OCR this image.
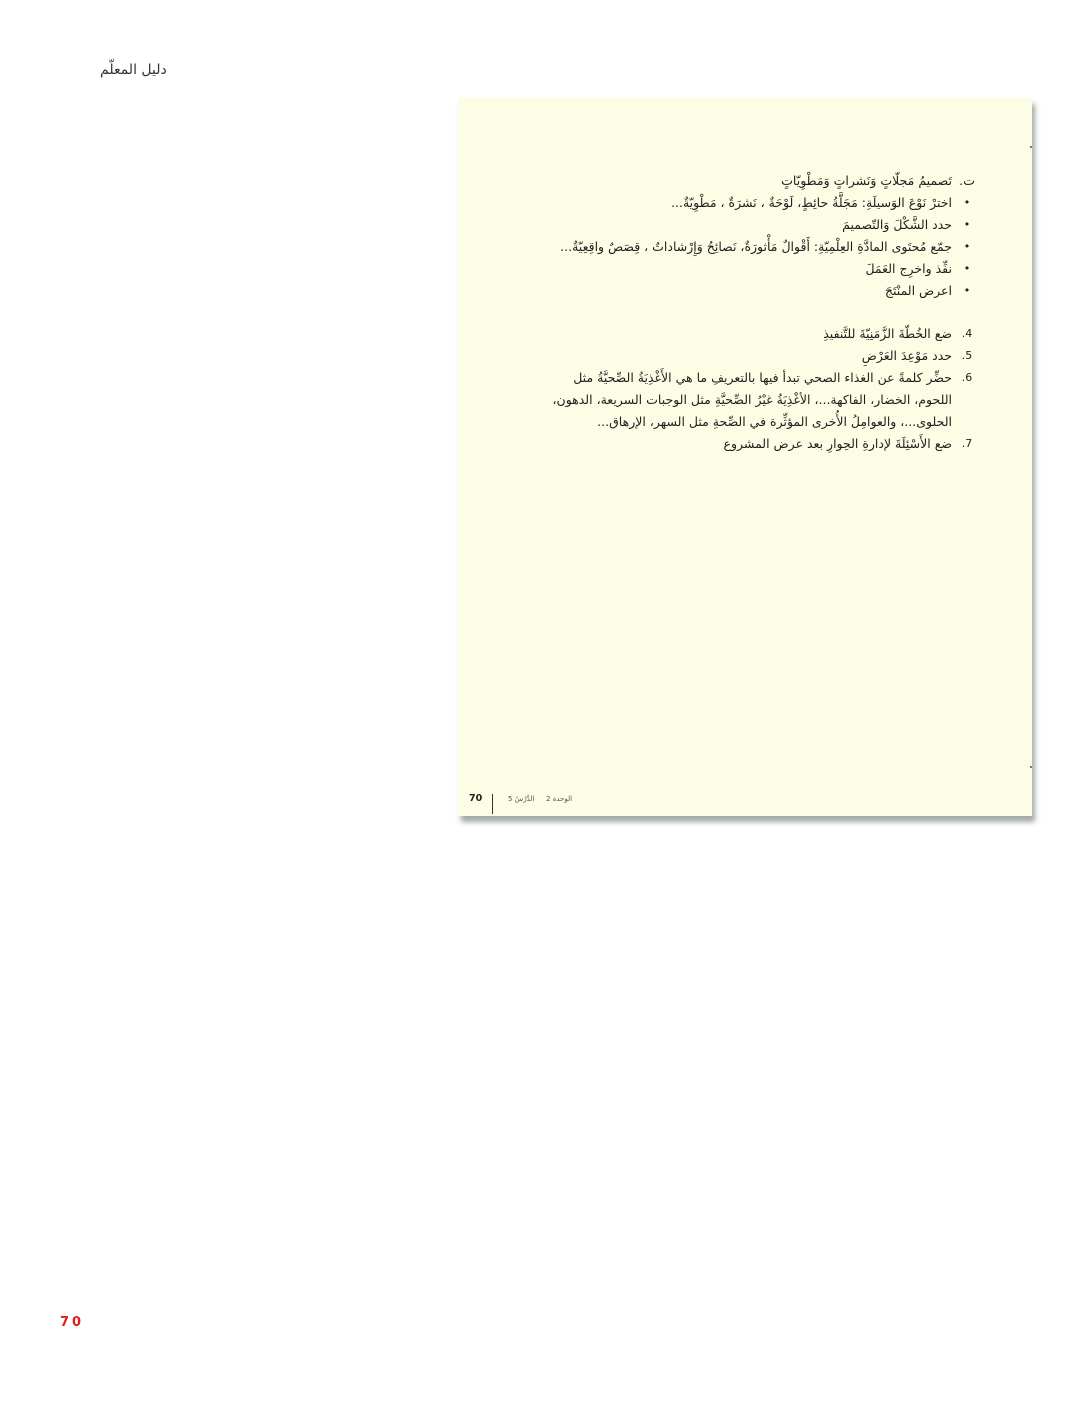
دليل المعلّم
ت.
تَصميمُ مَجلّاتٍ وَنَشراتٍ وَمَطْوِيّاتٍ
•
اخترْ نَوْعَ الوَسيلَةِ: مَجَلَّةُ حائِطٍ، لَوْحَةٌ ، نَشرَةٌ ، مَطْوِيّةٌ...
•
حدد الشَّكْلَ وَالتّصميمَ
•
جمّع مُحتَوى المادَّةِ العِلْمِيّةِ: أَقْوالٌ مَأْثورَةٌ، نَصائِحُ وَإِرْشاداتٌ ، قِصَصٌ واقِعِيّةٌ...
•
نفِّذ واخرِج العَمَلَ
•
اعرض المنْتَجَ
4.
ضع الخُطّةَ الزَّمَنِيّةَ للتَّنفيذِ
5.
حدد مَوْعِدَ العَرْضِ
6.
حضِّر كلمةً عن الغذاء الصحي تبدأ فيها بالتعريفِ ما هي الأَغْذِيَةُ الصِّحيَّةُ مثل اللحوم، الخضار، الفاكهة...، الأغْذِيَةُ غيْرُ الصِّحيَّةِ مثل الوجبات السريعة، الدهون، الحلوى...، والعوامِلُ الأُخرى المؤثِّرة في الصِّحةِ مثل السهر، الإرهاق...
7.
ضع الأَسْئِلَةَ لإدارةِ الحِوارِ بعد عرض المشروع
70	الدَّرْسُ 5 الوحدة 2
70
